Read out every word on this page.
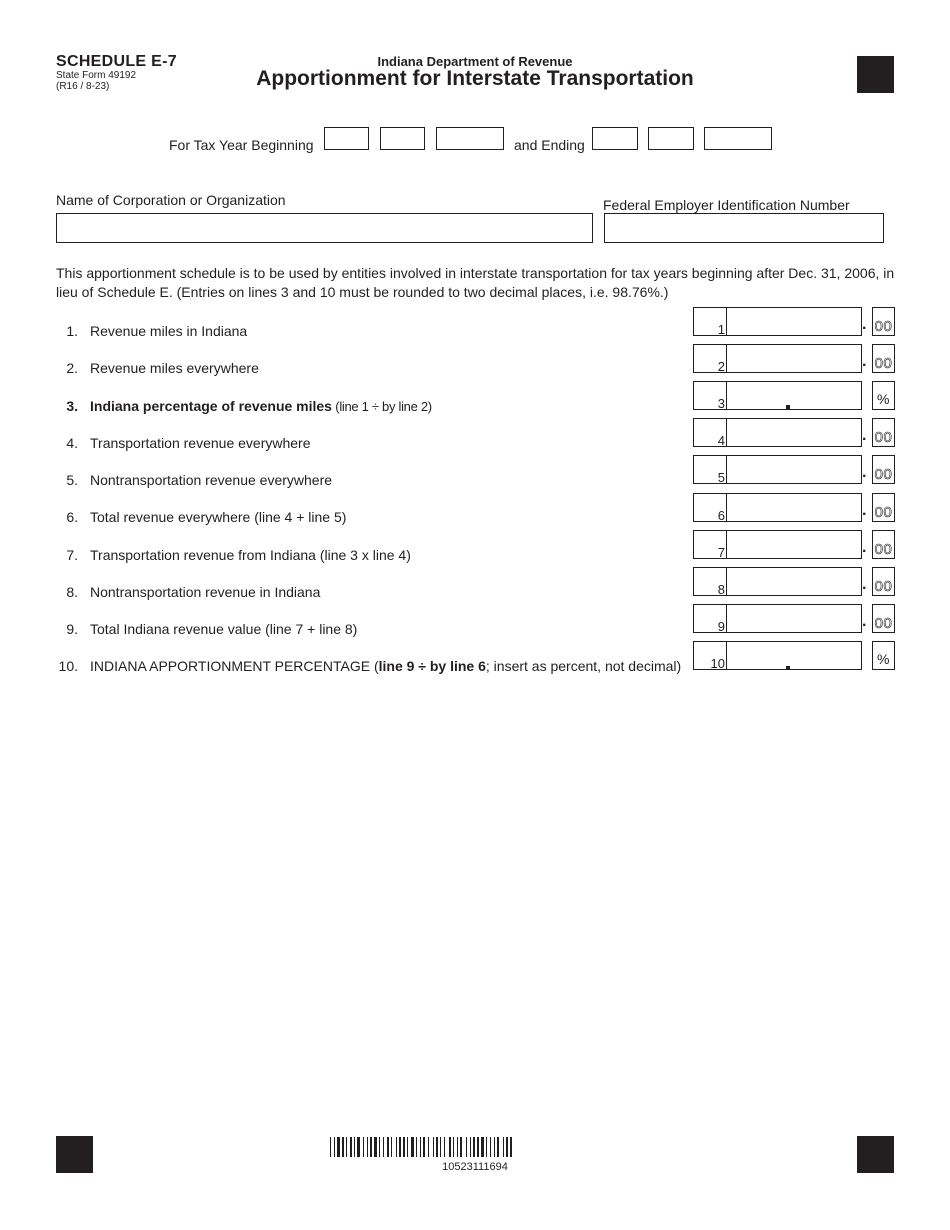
SCHEDULE E-7
State Form 49192
(R16 / 8-23)
Indiana Department of Revenue
Apportionment for Interstate Transportation
For Tax Year Beginning	and Ending
Name of Corporation or Organization	Federal Employer Identification Number
This apportionment schedule is to be used by entities involved in interstate transportation for tax years beginning after Dec. 31, 2006, in lieu of Schedule E. (Entries on lines 3 and 10 must be rounded to two decimal places, i.e. 98.76%.)
1. Revenue miles in Indiana	1	. 00
2. Revenue miles everywhere	2	. 00
3. Indiana percentage of revenue miles (line 1 ÷ by line 2)	3	%
4. Transportation revenue everywhere	4	. 00
5. Nontransportation revenue everywhere	5	. 00
6. Total revenue everywhere (line 4 + line 5)	6	. 00
7. Transportation revenue from Indiana (line 3 x line 4)	7	. 00
8. Nontransportation revenue in Indiana	8	. 00
9. Total Indiana revenue value (line 7 + line 8)	9	. 00
10. INDIANA APPORTIONMENT PERCENTAGE (line 9 ÷ by line 6; insert as percent, not decimal) 10	%
10523111694
